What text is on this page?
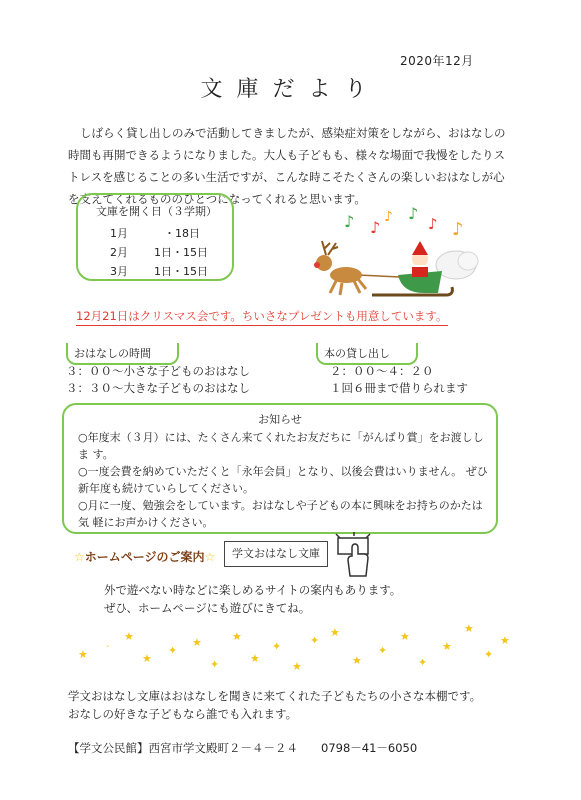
2020年12月
文庫だより
しばらく貸し出しのみで活動してきましたが、感染症対策をしながら、おはなしの
時間も再開できるようになりました。大人も子どもも、様々な場面で我慢をしたりス
トレスを感じることの多い生活ですが、こんな時こそたくさんの楽しいおはなしが心
を支えてくれるもののひとつになってくれると思います。
文庫を開く日（３学期）
1月	・18日
2月 1日・15日
3月 1日・15日
♪ ♪
♪ ♪
♪ ♪
12月21日はクリスマス会です。ちいさなプレゼントも用意しています。
おはなしの時間
３：００～小さな子どものおはなし
３：３０～大きな子どものおはなし
本の貸し出し
２：００～４：２０
１回６冊まで借りられます
お知らせ
○年度末（３月）には、たくさん来てくれたお友だちに「がんばり賞」をお渡ししま す。
○一度会費を納めていただくと「永年会員」となり、以後会費はいりません。 ぜひ新年度も続けていらしてください。
○月に一度、勉強会をしています。おはなしや子どもの本に興味をお持ちのかたは気 軽にお声かけください。
☆ホームページのご案内☆	学文おはなし文庫
外で遊べない時などに楽しめるサイトの案内もあります。
ぜひ、ホームページにも遊びにきてね。
★
·
★
★
✦
★
✦
★
★
✦
★
✦
★
★
✦
★
✦
★
★
✦
★
学文おはなし文庫はおはなしを聞きに来てくれた子どもたちの小さな本棚です。
おなしの好きな子どもなら誰でも入れます。
【学文公民館】西宮市学文殿町２－４－２４　　0798－41－6050
